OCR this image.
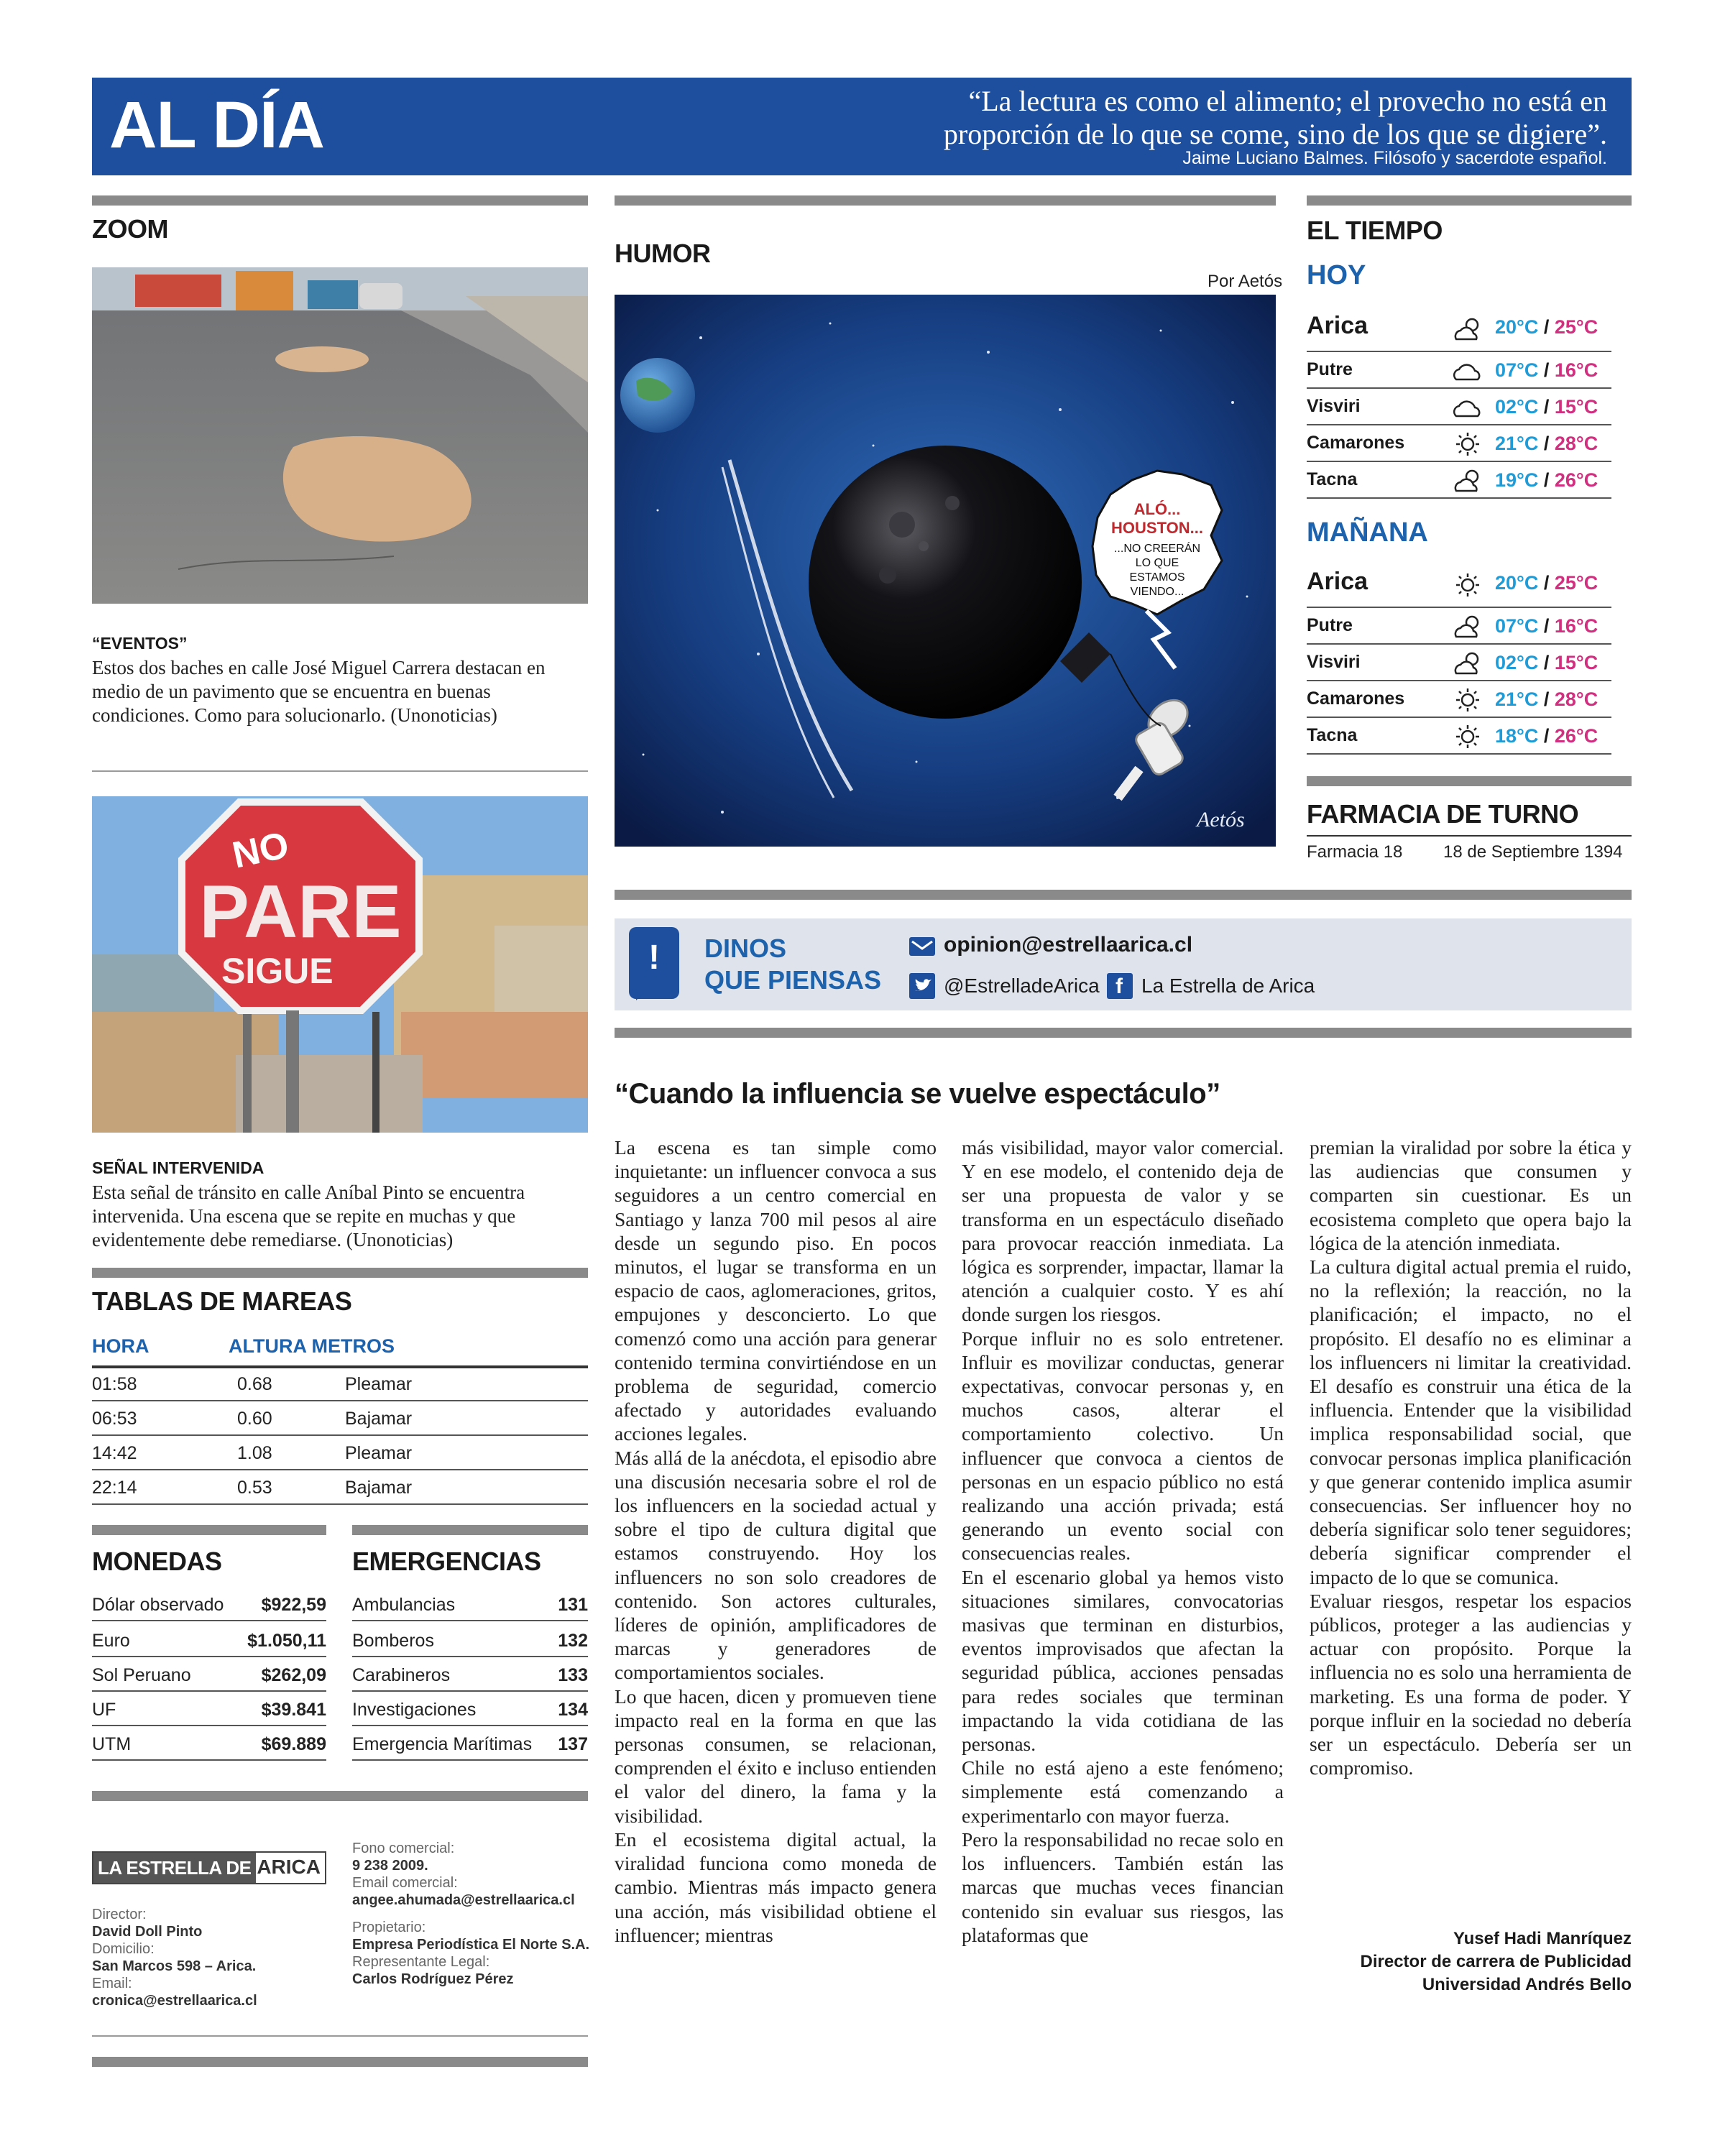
AL DÍA	“La lectura es como el alimento; el provecho no está en
proporción de lo que se come, sino de los que se digiere”.
Jaime Luciano Balmes. Filósofo y sacerdote español.
ZOOM
“EVENTOS”
Estos dos baches en calle José Miguel Carrera destacan en medio de un pavimento que se encuentra en buenas condiciones. Como para solucionarlo. (Unonoticias)
PARE
NO
SIGUE
SEÑAL INTERVENIDA
Esta señal de tránsito en calle Aníbal Pinto se encuentra intervenida. Una escena que se repite en muchas y que evidentemente debe remediarse. (Unonoticias)
TABLAS DE MAREAS
HORA	ALTURA METROS
01:58	0.68	Pleamar
06:53	0.60	Bajamar
14:42	1.08	Pleamar
22:14	0.53	Bajamar
MONEDAS
Dólar observado $922,59
Euro	$1.050,11
Sol Peruano	$262,09
UF	$39.841
UTM	$69.889
EMERGENCIAS
Ambulancias	131
Bomberos	132
Carabineros	133
Investigaciones	134
Emergencia Marítimas 137
LA ESTRELLA DE ARICA
Director:
David Doll Pinto
Domicilio:
San Marcos 598 – Arica.
Email:
cronica@estrellaarica.cl
Fono comercial:
9 238 2009.
Email comercial:
angee.ahumada@estrellaarica.cl
Propietario:
Empresa Periodística El Norte S.A.
Representante Legal:
Carlos Rodríguez Pérez
HUMOR
Por Aetós
ALÓ...
HOUSTON...
...NO CREERÁN
LO QUE
ESTAMOS
VIENDO...
Aetós
EL TIEMPO
HOY
Arica	20°C / 25°C
Putre	07°C / 16°C
Visviri	02°C / 15°C
Camarones	21°C / 28°C
Tacna	19°C / 26°C
MAÑANA
Arica	20°C / 25°C
Putre	07°C / 16°C
Visviri	02°C / 15°C
Camarones	21°C / 28°C
Tacna	18°C / 26°C
FARMACIA DE TURNO
Farmacia 18 18 de Septiembre 1394
! DINOS
QUE PIENSAS
opinion@estrellaarica.cl
@EstrelladeArica f La Estrella de Arica
“Cuando la influencia se vuelve espectáculo”

La escena es tan simple como inquietante: un influencer convoca a sus seguidores a un centro comercial en Santiago y lanza 700 mil pesos al aire desde un segundo piso. En pocos minutos, el lugar se transforma en un espacio de caos, aglomeraciones, gritos, empujones y desconcierto. Lo que comenzó como una acción para generar contenido termina convirtiéndose en un problema de seguridad, comercio afectado y autoridades evaluando acciones legales.

Más allá de la anécdota, el episodio abre una discusión necesaria sobre el rol de los influencers en la sociedad actual y sobre el tipo de cultura digital que estamos construyendo. Hoy los influencers no son solo creadores de contenido. Son actores culturales, líderes de opinión, amplificadores de marcas y generadores de comportamientos sociales.

Lo que hacen, dicen y promueven tiene impacto real en la forma en que las personas consumen, se relacionan, comprenden el éxito e incluso entienden el valor del dinero, la fama y la visibilidad.

En el ecosistema digital actual, la viralidad funciona como moneda de cambio. Mientras más impacto genera una acción, más visibilidad obtiene el influencer; mientras

más visibilidad, mayor valor comercial. Y en ese modelo, el contenido deja de ser una propuesta de valor y se transforma en un espectáculo diseñado para provocar reacción inmediata. La lógica es sorprender, impactar, llamar la atención a cualquier costo. Y es ahí donde surgen los riesgos.

Porque influir no es solo entretener. Influir es movilizar conductas, generar expectativas, convocar personas y, en muchos casos, alterar el comportamiento colectivo. Un influencer que convoca a cientos de personas en un espacio público no está realizando una acción privada; está generando un evento social con consecuencias reales.

En el escenario global ya hemos visto situaciones similares, convocatorias masivas que terminan en disturbios, eventos improvisados que afectan la seguridad pública, acciones pensadas para redes sociales que terminan impactando la vida cotidiana de las personas.

Chile no está ajeno a este fenómeno; simplemente está comenzando a experimentarlo con mayor fuerza.

Pero la responsabilidad no recae solo en los influencers. También están las marcas que muchas veces financian contenido sin evaluar sus riesgos, las plataformas que

premian la viralidad por sobre la ética y las audiencias que consumen y comparten sin cuestionar. Es un ecosistema completo que opera bajo la lógica de la atención inmediata.

La cultura digital actual premia el ruido, no la reflexión; la reacción, no la planificación; el impacto, no el propósito. El desafío no es eliminar a los influencers ni limitar la creatividad. El desafío es construir una ética de la influencia. Entender que la visibilidad implica responsabilidad social, que convocar personas implica planificación y que generar contenido implica asumir consecuencias. Ser influencer hoy no debería significar solo tener seguidores; debería significar comprender el impacto de lo que se comunica.

Evaluar riesgos, respetar los espacios públicos, proteger a las audiencias y actuar con propósito. Porque la influencia no es solo una herramienta de marketing. Es una forma de poder. Y porque influir en la sociedad no debería ser un espectáculo. Debería ser un compromiso.

Yusef Hadi Manríquez
Director de carrera de Publicidad
Universidad Andrés Bello
